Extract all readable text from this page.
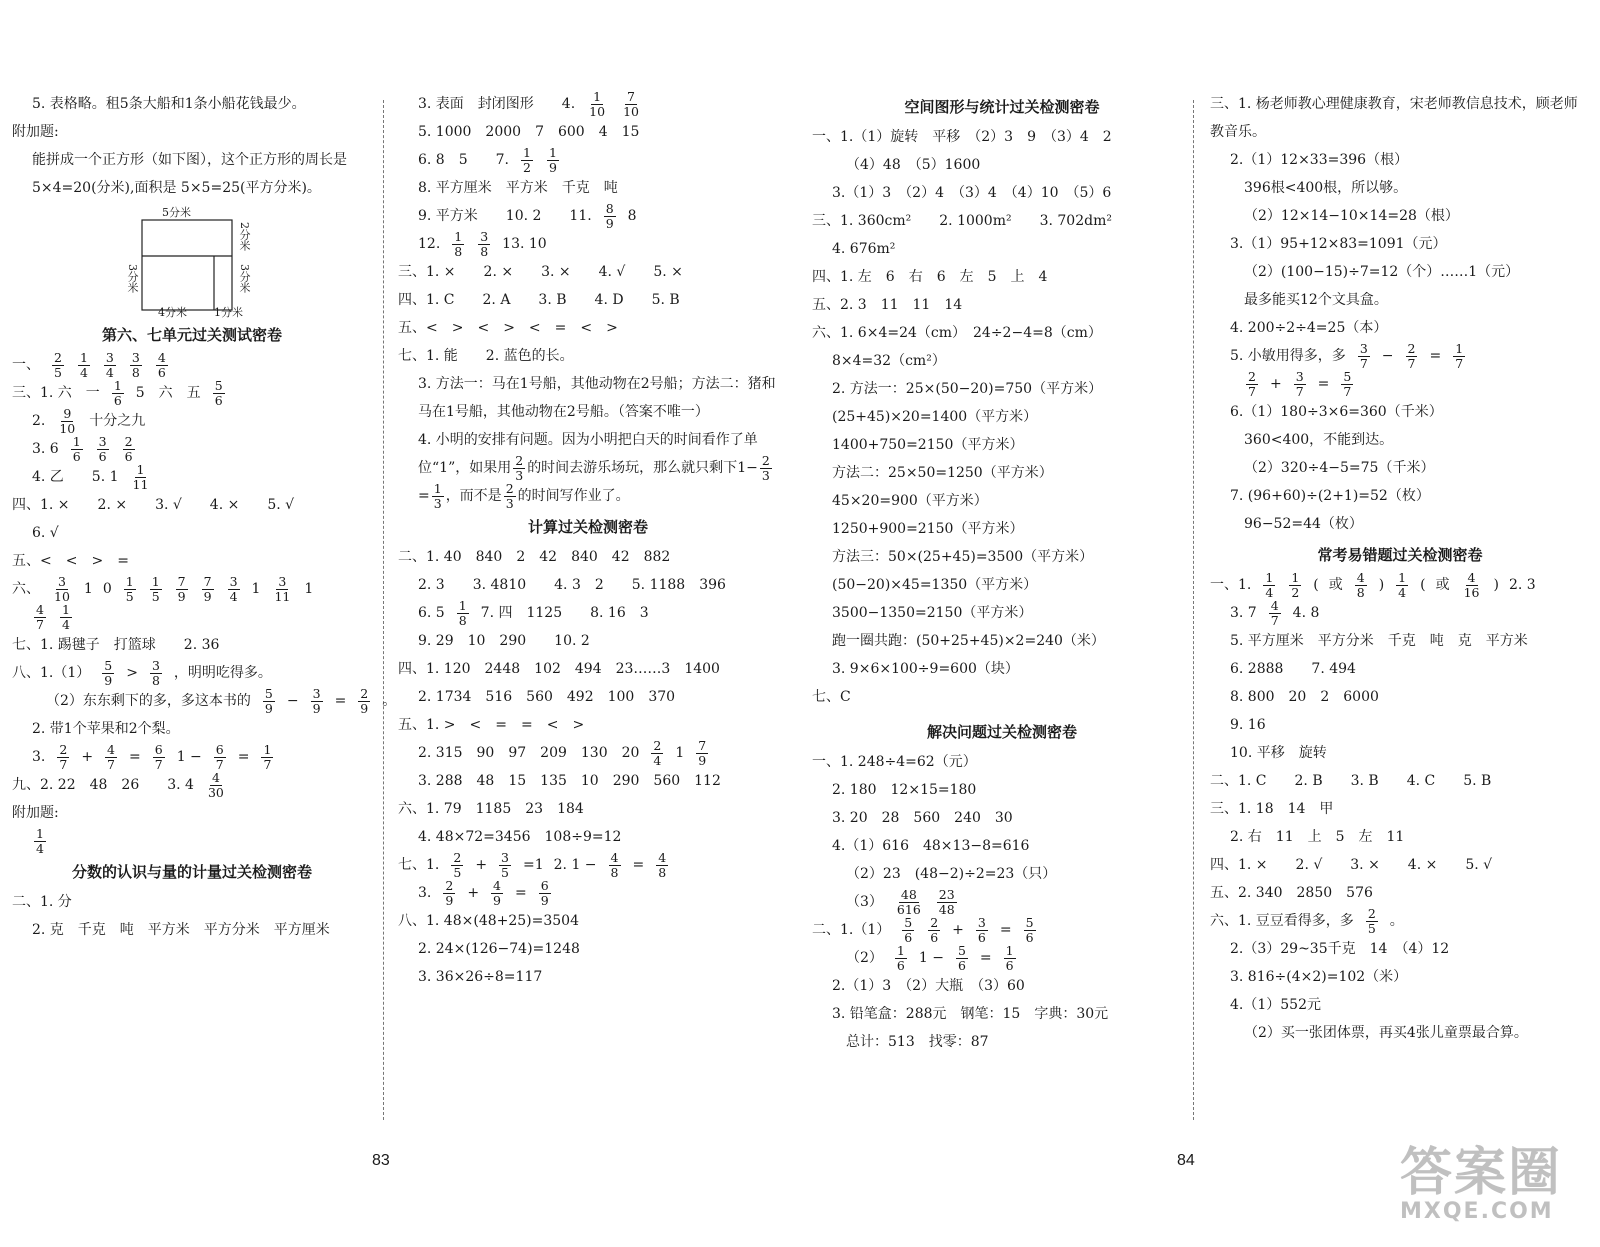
5. 表格略。租5条大船和1条小船花钱最少。
附加题:
能拼成一个正方形（如下图），这个正方形的周长是 5×4=20(分米),面积是 5×5=25(平方分米)。
5分米
2分米
3分米
3分米
4分米 1分米
第六、七单元过关测试密卷
一、 $\frac{2}{5} \frac{1}{4} \frac{3}{4} \frac{3}{8} \frac{4}{6}$
三、1. 六　一 $\frac{1}{6} 5$　六　五 $\frac{5}{6}$
2. $\frac{9}{10}$ 十分之九
3. $6 \frac{1}{6} \frac{3}{6} \frac{2}{6}$
4. 乙　　5. $1 \frac{1}{11}$
四、1. ×　　2. ×　　3. √　　4. ×　　5. √
6. √
五、<　<　>　=
六、 $\frac{3}{10} 1$ $0 \frac{1}{5} \frac{1}{5} \frac{7}{9} \frac{7}{9} \frac{3}{4} 1 \frac{3}{11} 1$
$\frac{4}{7} \frac{1}{4}$
七、1. 踢毽子　打篮球　　2. 36
八、$1.(1) \frac{5}{9} > \frac{3}{8}$ ，明明吃得多。
（2）东东剩下的多，多这本书的 $\frac{5}{9} - \frac{3}{9} = \frac{2}{9}$ 。
2. 带1个苹果和2个梨。
3. $\frac{2}{7} + \frac{4}{7} = \frac{6}{7} 1 - \frac{6}{7} = \frac{1}{7}$
九、2. 22　48　26　　3. $4 \frac{4}{30}$
附加题:
$\frac{1}{4}$
分数的认识与量的计量过关检测密卷
二、1. 分
2. 克　千克　吨　平方米　平方分米　平方厘米
3. 表面　封闭图形　　4. $\frac{1}{10} \frac{7}{10}$
5. 1000　2000　7　600　4　15
6. 8　5　　7. $\frac{1}{2} \frac{1}{9}$
8. 平方厘米　平方米　千克　吨
9. 平方米　　10. 2　　11. $\frac{8}{9} 8$
12. $\frac{1}{8} \frac{3}{8} 13$. 10
三、1. ×　　2. ×　　3. ×　　4. √　　5. ×
四、1. C　　2. A　　3. B　　4. D　　5. B
五、<　>　<　>　<　=　<　>
七、1. 能　　2. 蓝色的长。
3. 方法一：马在1号船，其他动物在2号船；方法二：猪和马在1号船，其他动物在2号船。（答案不唯一）
4. 小明的安排有问题。因为小明把白天的时间看作了单位“1”，如果用 $\frac{2}{3}$ 的时间去游乐场玩，那么就只剩下$1- \frac{2}{3}$
= $\frac{1}{3}$ ，而不是 $\frac{2}{3}$ 的时间写作业了。
计算过关检测密卷
二、1. 40　840　2　42　840　42　882
2. 3　　3. 4810　　4. 3　2　　5. 1188　396
6. $5 \frac{1}{8} 7$. 四　1125　　8. 16　3
9. 29　10　290　　10. 2
四、1. 120　2448　102　494　23……3　1400
2. 1734　516　560　492　100　370
五、1. >　<　=　=　<　>
2. 315　90　97　209　130　$20 \frac{2}{4} 1 \frac{7}{9}$
3. 288　48　15　135　10　290　560　112
六、1. 79　1185　23　184
4. 48×72=3456　108÷9=12
七、1. $\frac{2}{5} + \frac{3}{5} =1$ 2. $1 - \frac{4}{8} = \frac{4}{8}$
3. $\frac{2}{9} + \frac{4}{9} = \frac{6}{9}$
八、1. 48×(48+25)=3504
2. 24×(126−74)=1248
3. 36×26÷8=117
空间图形与统计过关检测密卷
一、1.（1）旋转　平移　（2）3　9　（3）4　2
（4）48　（5）1600
3.（1）3　（2）4　（3）4　（4）10　（5）6
三、1. 360cm²　　2. 1000m²　　3. 702dm²
4. 676m²
四、1. 左　6　右　6　左　5　上　4
五、2. 3　11　11　14
六、1. 6×4=24（cm）　24÷2−4=8（cm）
8×4=32（cm²）
2. 方法一：25×(50−20)=750（平方米）
(25+45)×20=1400（平方米）
1400+750=2150（平方米）
方法二：25×50=1250（平方米）
45×20=900（平方米）
1250+900=2150（平方米）
方法三：50×(25+45)=3500（平方米）
(50−20)×45=1350（平方米）
3500−1350=2150（平方米）
跑一圈共跑：(50+25+45)×2=240（米）
3. 9×6×100÷9=600（块）
七、C
解决问题过关检测密卷
一、1. 248÷4=62（元）
2. 180　12×15=180
3. 20　28　560　240　30
4.（1）616　48×13−8=616
（2）23　(48−2)÷2=23（只）
$(3) \frac{48}{616} \frac{23}{48}$
二、$1.(1) \frac{5}{6} \frac{2}{6} + \frac{3}{6} = \frac{5}{6}$
$(2) \frac{1}{6} 1 - \frac{5}{6} = \frac{1}{6}$
2.（1）3　（2）大瓶　（3）60
3. 铅笔盒：288元　钢笔：15　字典：30元
总计：513　找零：87
三、1. 杨老师教心理健康教育，宋老师教信息技术，顾老师教音乐。
2.（1）12×33=396（根）
396根<400根，所以够。
（2）12×14−10×14=28（根）
3.（1）95+12×83=1091（元）
（2）(100−15)÷7=12（个）……1（元）
最多能买12个文具盒。
4. 200÷2÷4=25（本）
5. 小敏用得多，多 $\frac{3}{7} - \frac{2}{7} = \frac{1}{7}$
$\frac{2}{7} + \frac{3}{7} = \frac{5}{7}$
6.（1）180÷3×6=360（千米）
360<400，不能到达。
（2）320÷4−5=75（千米）
7. (96+60)÷(2+1)=52（枚）
96−52=44（枚）
常考易错题过关检测密卷
一、1. $\frac{1}{4} \frac{1}{2}$ ( 或 $\frac{4}{8}$ ) $\frac{1}{4}$ ( 或 $\frac{4}{16}$ ) 2. 3
3. $7 \frac{4}{7} 4$. 8
5. 平方厘米　平方分米　千克　吨　克　平方米
6. 2888　　7. 494
8. 800　20　2　6000
9. 16
10. 平移　旋转
二、1. C　　2. B　　3. B　　4. C　　5. B
三、1. 18　14　甲
2. 右　11　上　5　左　11
四、1. ×　　2. √　　3. ×　　4. ×　　5. √
五、2. 340　2850　576
六、1. 豆豆看得多，多 $\frac{2}{5}$ 。
2.（3）29~35千克　14　（4）12
3. 816÷(4×2)=102（米）
4.（1）552元
（2）买一张团体票，再买4张儿童票最合算。
83	84	答案圈
MXQE.COM
